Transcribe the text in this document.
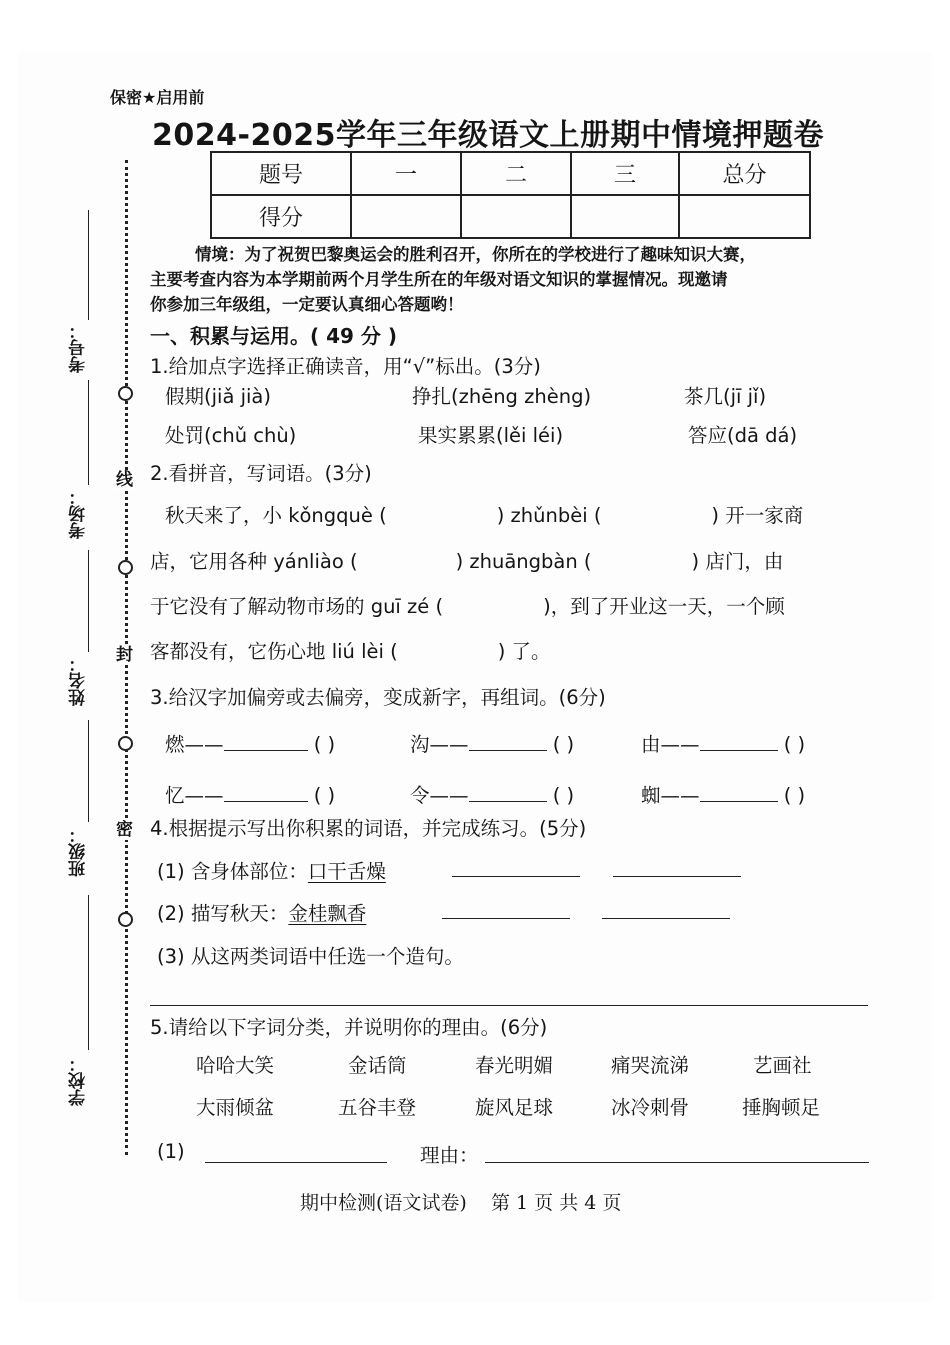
保密★启用前
2024-2025学年三年级语文上册期中情境押题卷
题号	一	二	三	总分
得分				
线
封
密
考号：
考场：
姓名：
班级：
学校：
情境：为了祝贺巴黎奥运会的胜利召开，你所在的学校进行了趣味知识大赛，
主要考查内容为本学期前两个月学生所在的年级对语文知识的掌握情况。现邀请
你参加三年级组，一定要认真细心答题哟！
一、积累与运用。( 49 分 )
1.给加点字选择正确读音，用“√”标出。(3分)
假期(jiǎ jià)	挣扎(zhēng zhèng)	茶几(jī jǐ)
处罚(chǔ chù)	果实累累(lěi léi)	答应(dā dá)
2.看拼音，写词语。(3分)
秋天来了，小 kǒngquè (	) zhǔnbèi (	) 开一家商
店，它用各种 yánliào (	) zhuāngbàn (	) 店门，由
于它没有了解动物市场的 guī zé (	)，到了开业这一天，一个顾
客都没有，它伤心地 liú lèi (	) 了。
3.给汉字加偏旁或去偏旁，变成新字，再组词。(6分)
燃——	( )	沟——	( )	由——	( )
忆——	( )	令——	( )	蜘——	( )
4.根据提示写出你积累的词语，并完成练习。(5分)
(1) 含身体部位：口干舌燥
(2) 描写秋天：金桂飘香
(3) 从这两类词语中任选一个造句。
5.请给以下字词分类，并说明你的理由。(6分)
哈哈大笑	金话筒	春光明媚	痛哭流涕	艺画社
大雨倾盆	五谷丰登	旋风足球	冰冷刺骨	捶胸顿足
(1)	理由：
期中检测(语文试卷)    第 1 页 共 4 页
